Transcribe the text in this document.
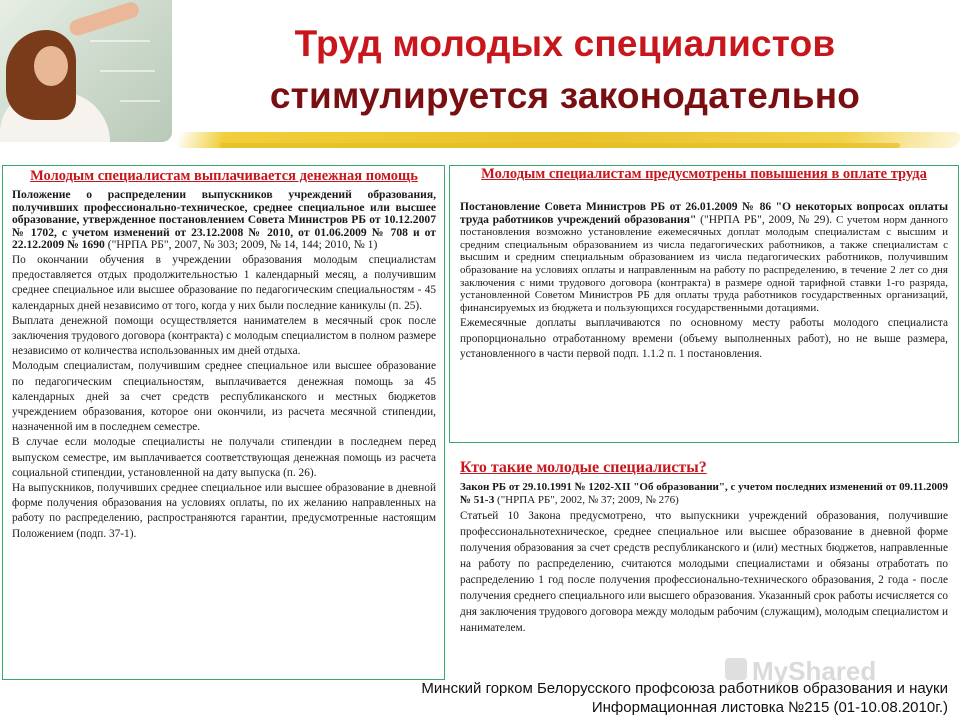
Труд молодых специалистов
стимулируется законодательно
Молодым специалистам выплачивается денежная помощь

Положение о распределении выпускников учреждений образования, получивших профессионально-техническое, среднее специальное или высшее образование, утвержденное постановлением Совета Министров РБ от 10.12.2007 № 1702, с учетом изменений от 23.12.2008 № 2010, от 01.06.2009 № 708 и от 22.12.2009 № 1690 ("НРПА РБ", 2007, № 303; 2009, № 14, 144; 2010, № 1)

По окончании обучения в учреждении образования молодым специалистам предоставляется отдых продолжительностью 1 календарный месяц, а получившим среднее специальное или высшее образование по педагогическим специальностям - 45 календарных дней независимо от того, когда у них были последние каникулы (п. 25).

Выплата денежной помощи осуществляется нанимателем в месячный срок после заключения трудового договора (контракта) с молодым специалистом в полном размере независимо от количества использованных им дней отдыха.

Молодым специалистам, получившим среднее специальное или высшее образование по педагогическим специальностям, выплачивается денежная помощь за 45 календарных дней за счет средств республиканского и местных бюджетов учреждением образования, которое они окончили, из расчета месячной стипендии, назначенной им в последнем семестре.

В случае если молодые специалисты не получали стипендии в последнем перед выпуском семестре, им выплачивается соответствующая денежная помощь из расчета социальной стипендии, установленной на дату выпуска (п. 26).

На выпускников, получивших среднее специальное или высшее образование в дневной форме получения образования на условиях оплаты, по их желанию направленных на работу по распределению, распространяются гарантии, предусмотренные настоящим Положением (подп. 37-1).

Молодым специалистам предусмотрены повышения в оплате труда

Постановление Совета Министров РБ от 26.01.2009 № 86 "О некоторых вопросах оплаты труда работников учреждений образования" ("НРПА РБ", 2009, № 29). С учетом норм данного постановления возможно установление ежемесячных доплат молодым специалистам с высшим и средним специальным образованием из числа педагогических работников, а также специалистам с высшим и средним специальным образованием из числа педагогических работников, получившим образование на условиях оплаты и направленным на работу по распределению, в течение 2 лет со дня заключения с ними трудового договора (контракта) в размере одной тарифной ставки 1-го разряда, установленной Советом Министров РБ для оплаты труда работников государственных организаций, финансируемых из бюджета и пользующихся государственными дотациями.

Ежемесячные доплаты выплачиваются по основному месту работы молодого специалиста пропорционально отработанному времени (объему выполненных работ), но не выше размера, установленного в части первой подп. 1.1.2 п. 1 постановления.

Кто такие молодые специалисты?

Закон РБ от 29.10.1991 № 1202-XII "Об образовании", с учетом последних изменений от 09.11.2009 № 51-З ("НРПА РБ", 2002, № 37; 2009, № 276)

Статьей 10 Закона предусмотрено, что выпускники учреждений образования, получившие профессиональнотехническое, среднее специальное или высшее образование в дневной форме получения образования за счет средств республиканского и (или) местных бюджетов, направленные на работу по распределению, считаются молодыми специалистами и обязаны отработать по распределению 1 год после получения профессионально-технического образования, 2 года - после получения среднего специального или высшего образования. Указанный срок работы исчисляется со дня заключения трудового договора между молодым рабочим (служащим), молодым специалистом и нанимателем.

MyShared
Минский горком Белорусского профсоюза работников образования и науки
Информационная листовка №215 (01-10.08.2010г.)
